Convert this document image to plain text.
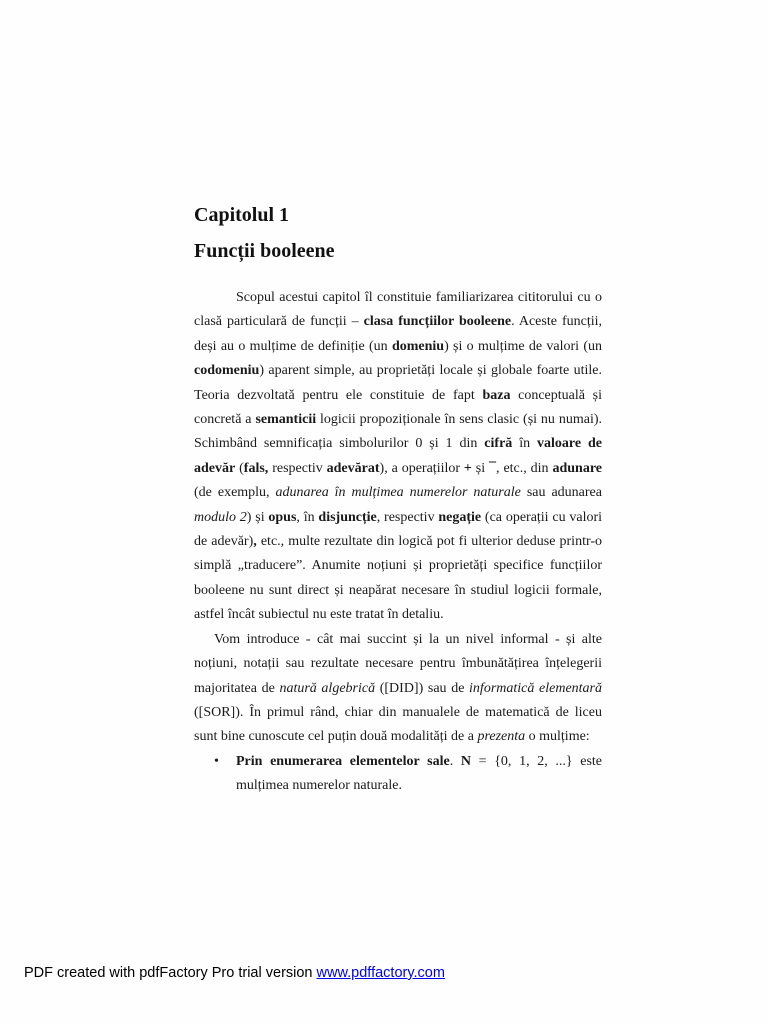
Capitolul 1
Funcții booleene

Scopul acestui capitol îl constituie familiarizarea cititorului cu o clasă particulară de funcții – clasa funcțiilor booleene. Aceste funcții, deși au o mulțime de definiție (un domeniu) și o mulțime de valori (un codomeniu) aparent simple, au proprietăți locale și globale foarte utile. Teoria dezvoltată pentru ele constituie de fapt baza conceptuală și concretă a semanticii logicii propoziționale în sens clasic (și nu numai). Schimbând semnificația simbolurilor 0 și 1 din cifră în valoare de adevăr (fals, respectiv adevărat), a operațiilor + și ¯, etc., din adunare (de exemplu, adunarea în mulțimea numerelor naturale sau adunarea modulo 2) și opus, în disjuncție, respectiv negație (ca operații cu valori de adevăr), etc., multe rezultate din logică pot fi ulterior deduse printr-o simplă „traducere”. Anumite noțiuni și proprietăți specifice funcțiilor booleene nu sunt direct și neapărat necesare în studiul logicii formale, astfel încât subiectul nu este tratat în detaliu.

Vom introduce - cât mai succint și la un nivel informal - și alte noțiuni, notații sau rezultate necesare pentru îmbunătățirea înțelegerii majoritatea de natură algebrică ([DID]) sau de informatică elementară ([SOR]). În primul rând, chiar din manualele de matematică de liceu sunt bine cunoscute cel puțin două modalități de a prezenta o mulțime:

• Prin enumerarea elementelor sale. N = {0, 1, 2, ...} este mulțimea numerelor naturale.

PDF created with pdfFactory Pro trial version www.pdffactory.com
